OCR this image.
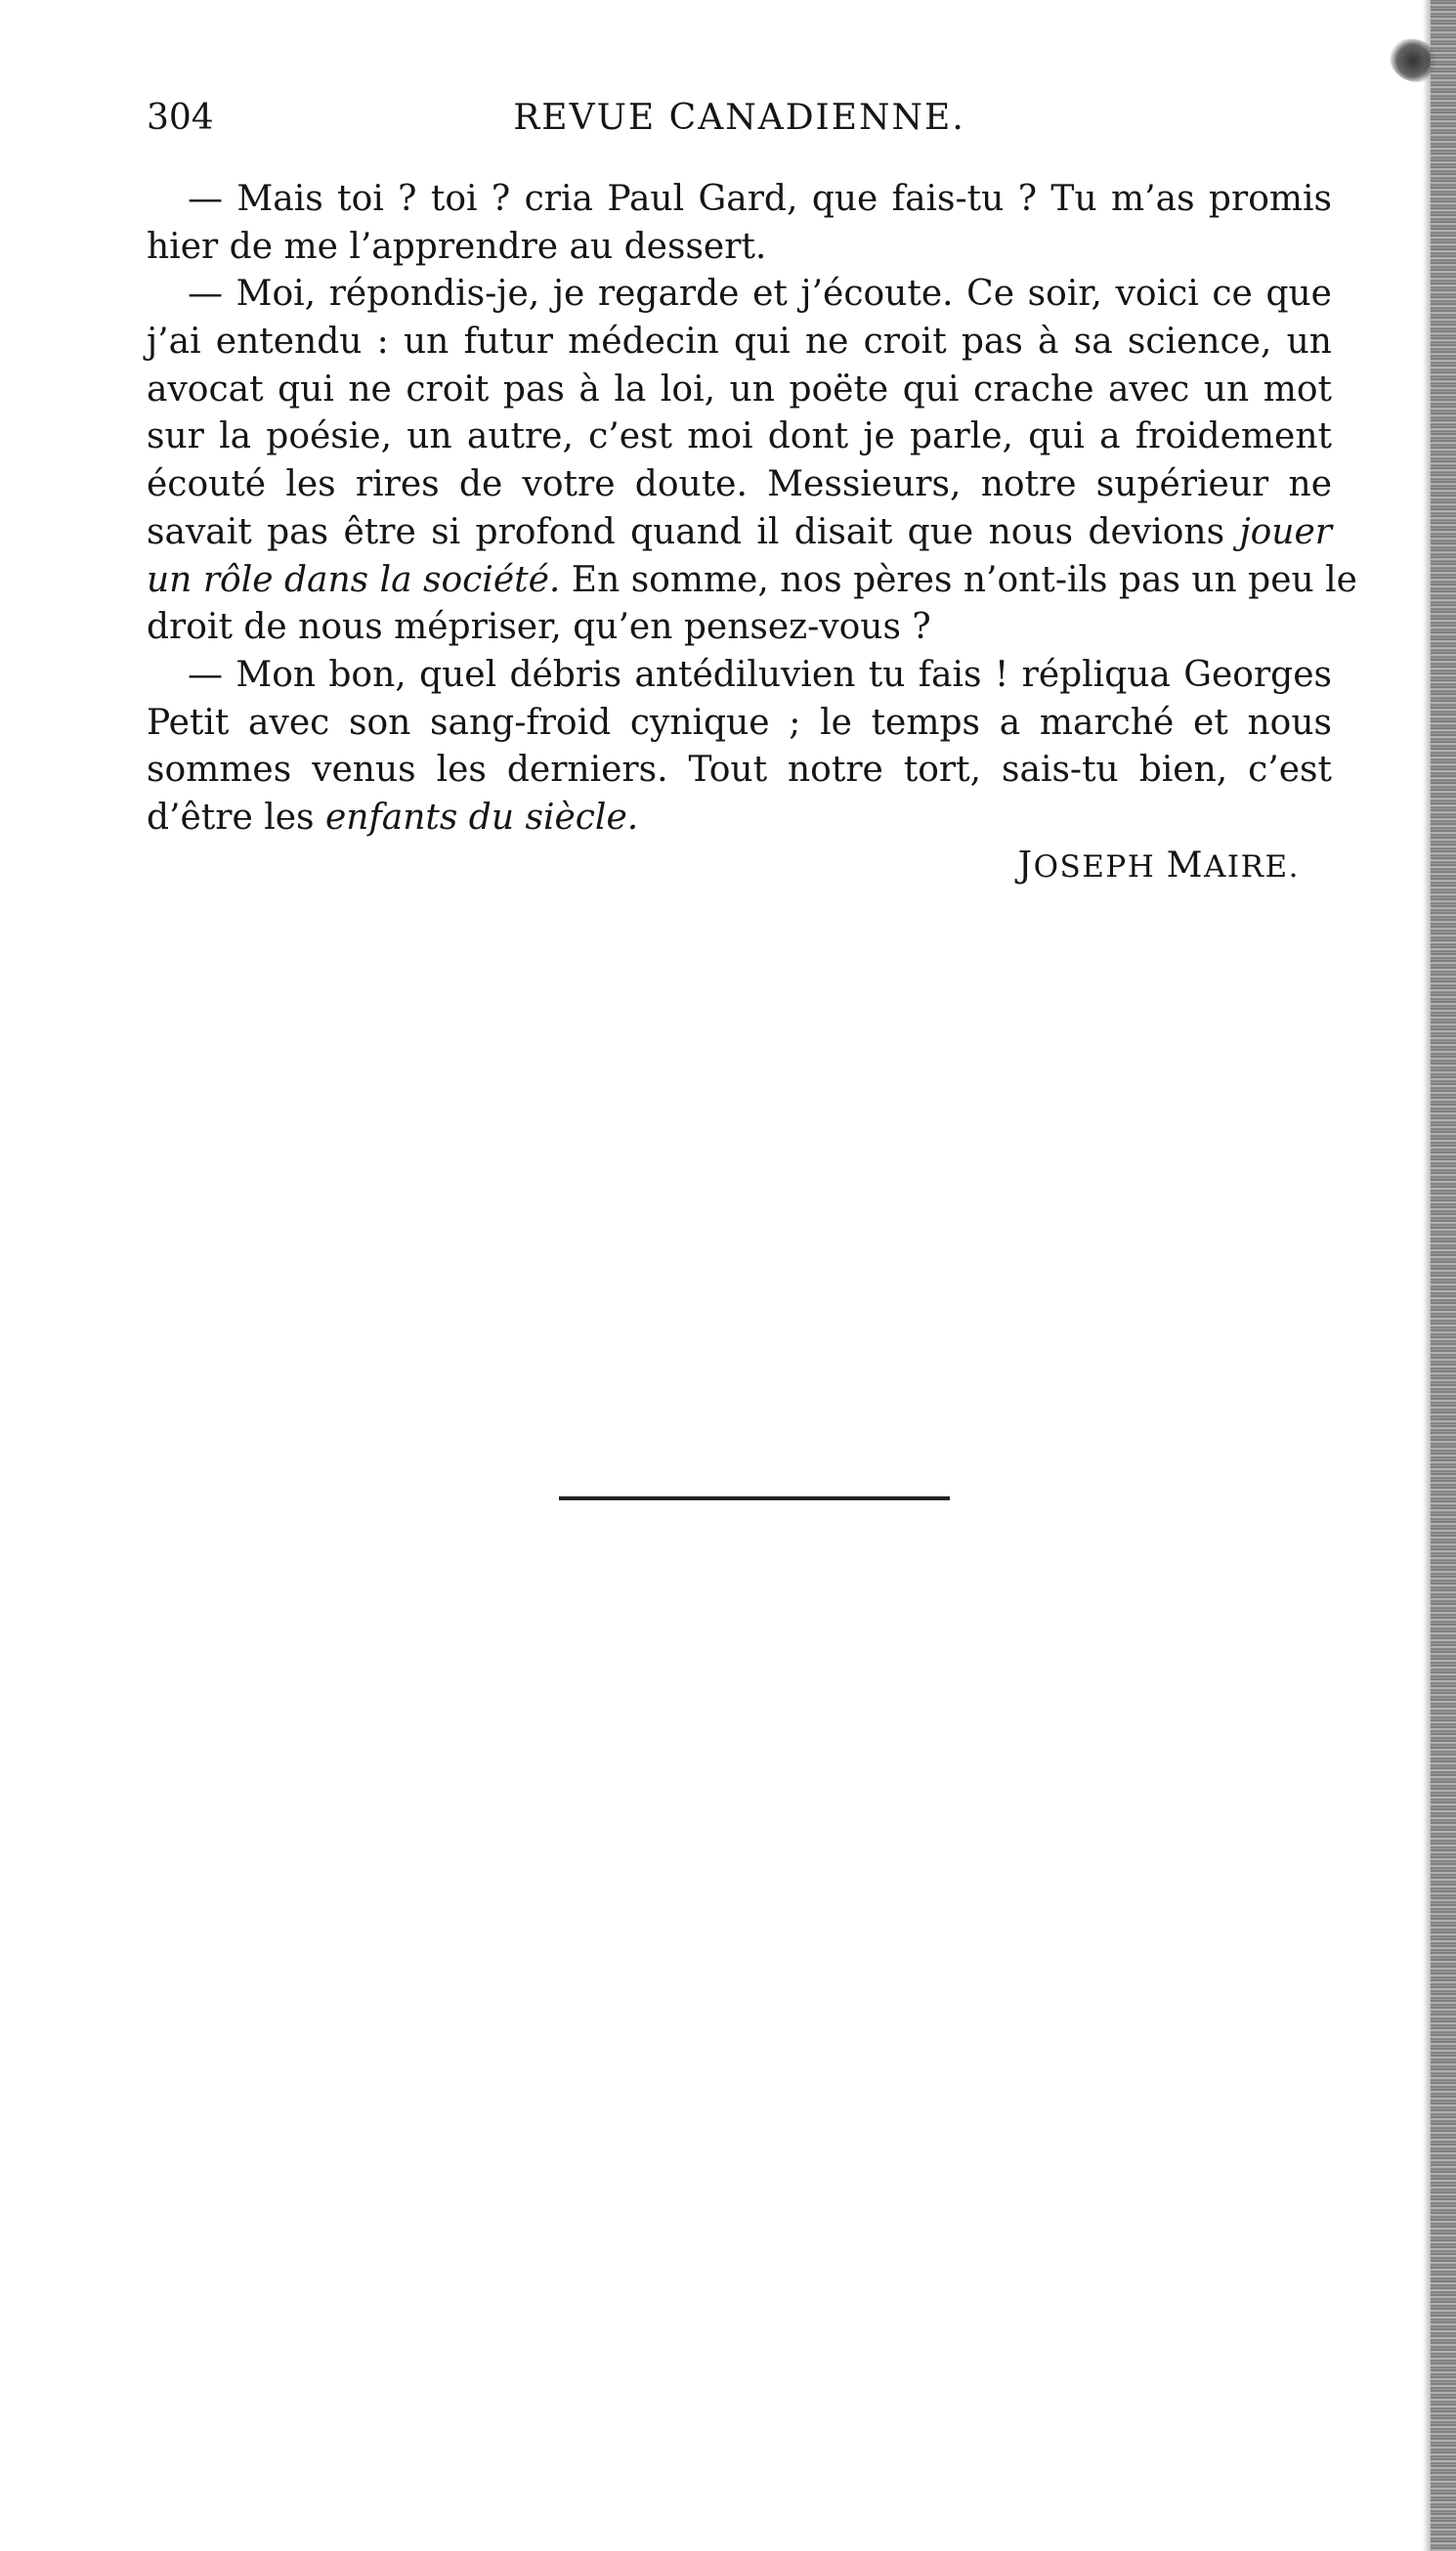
304	REVUE CANADIENNE.

— Mais toi ? toi ? cria Paul Gard, que fais-tu ? Tu m’as promis
hier de me l’apprendre au dessert.

— Moi, répondis-je, je regarde et j’écoute. Ce soir, voici ce que
j’ai entendu : un futur médecin qui ne croit pas à sa science, un
avocat qui ne croit pas à la loi, un poëte qui crache avec un mot
sur la poésie, un autre, c’est moi dont je parle, qui a froidement
écouté les rires de votre doute. Messieurs, notre supérieur ne
savait pas être si profond quand il disait que nous devions jouer
un rôle dans la société. En somme, nos pères n’ont-ils pas un peu le
droit de nous mépriser, qu’en pensez-vous ?

— Mon bon, quel débris antédiluvien tu fais ! répliqua Georges
Petit avec son sang-froid cynique ; le temps a marché et nous
sommes venus les derniers. Tout notre tort, sais-tu bien, c’est
d’être les enfants du siècle.

JOSEPH MAIRE.
